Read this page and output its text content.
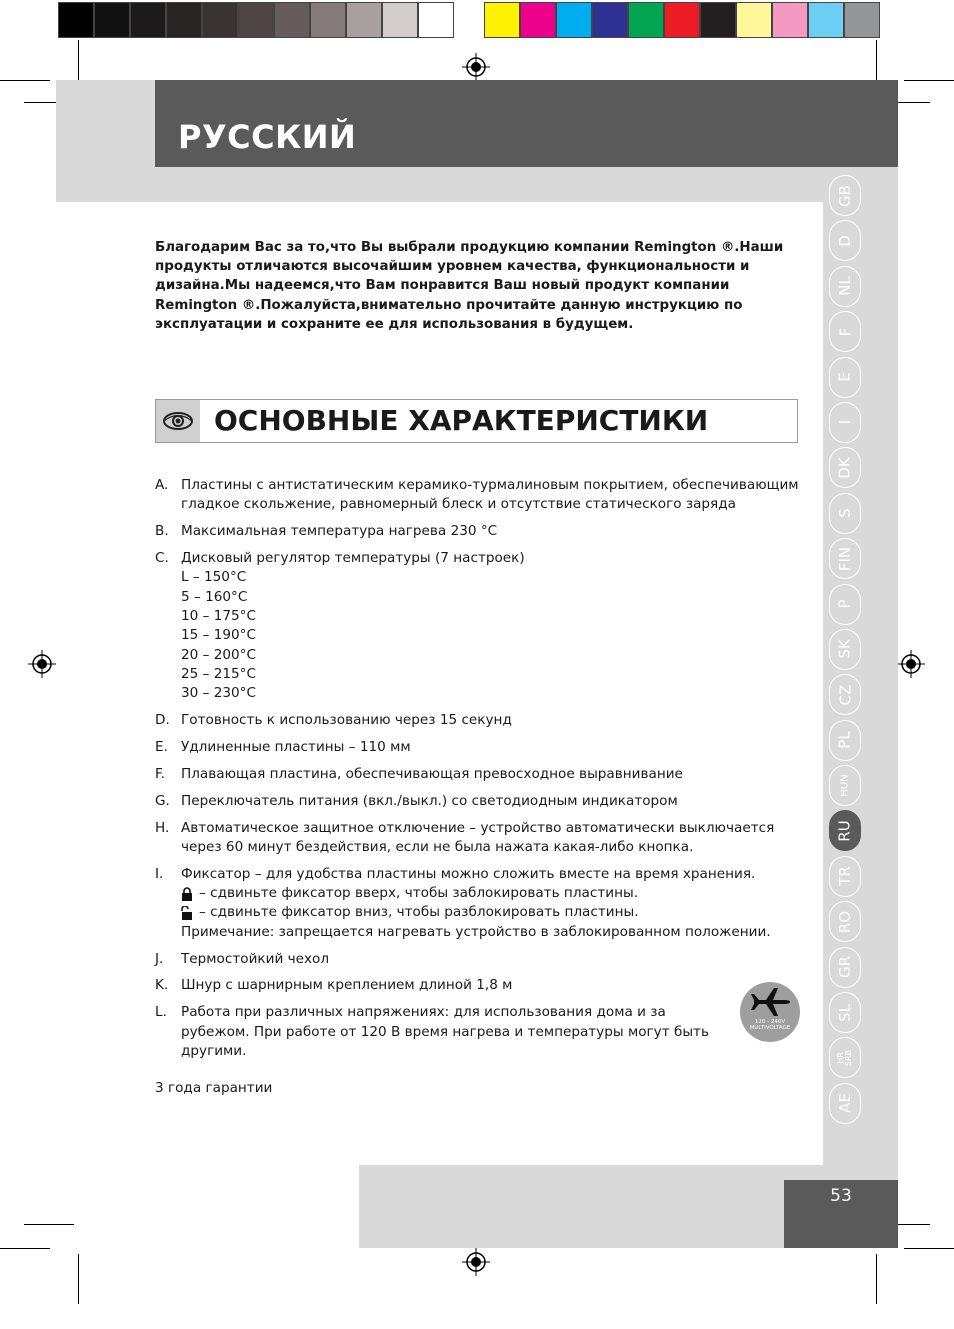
РУССКИЙ
GB
D
NL
F
E
I
DK
S
FIN
P
SK
CZ
PL
HUN
RU
TR
RO
GR
SL
HR
SRB
AE
Благодарим Вас за то,что Вы выбрали продукцию компании Remington ®.Наши продукты отличаются высочайшим уровнем качества, функциональности и дизайна.Мы надеемся,что Вам понравится Ваш новый продукт компании Remington ®.Пожалуйста,внимательно прочитайте данную инструкцию по эксплуатации и сохраните ее для использования в будущем.
ОСНОВНЫЕ ХАРАКТЕРИСТИКИ
A. Пластины с антистатическим керамико-турмалиновым покрытием, обеспечивающим гладкое скольжение, равномерный блеск и отсутствие статического заряда
B. Максимальная температура нагрева 230 °C
C. Дисковый регулятор температуры (7 настроек)
L – 150°C
5 – 160°C
10 – 175°C
15 – 190°C
20 – 200°C
25 – 215°C
30 – 230°C
D. Готовность к использованию через 15 секунд
E. Удлиненные пластины – 110 мм
F.	Плавающая пластина, обеспечивающая превосходное выравнивание
G. Переключатель питания (вкл./выкл.) со светодиодным индикатором
H. Автоматическое защитное отключение – устройство автоматически выключается через 60 минут бездействия, если не была нажата какая-либо кнопка.
I.	Фиксатор – для удобства пластины можно сложить вместе на время хранения.
– сдвиньте фиксатор вверх, чтобы заблокировать пластины.
– сдвиньте фиксатор вниз, чтобы разблокировать пластины.
Примечание: запрещается нагревать устройство в заблокированном положении.
J.	Термостойкий чехол
K. Шнур с шарнирным креплением длиной 1,8 м
L.	Работа при различных напряжениях: для использования дома и за рубежом. При работе от 120 В время нагрева и температуры могут быть другими.
120 - 240V
MULTIVOLTAGE
3 года гарантии
53
